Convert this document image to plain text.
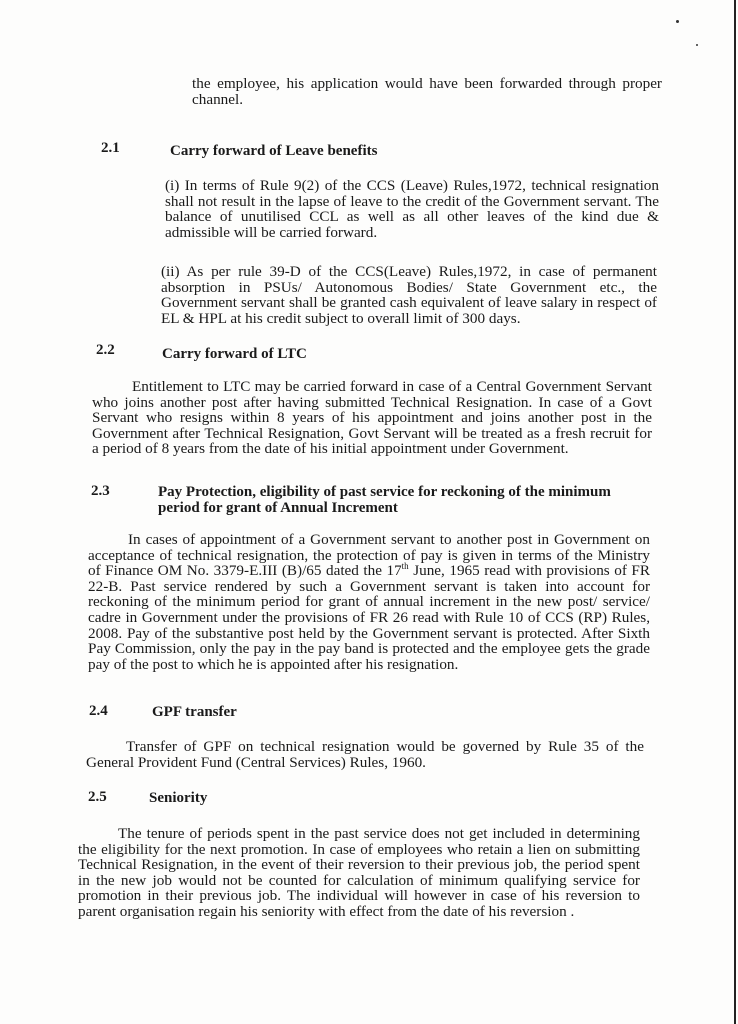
the employee, his application would have been forwarded through proper channel.
2.1	Carry forward of Leave benefits
(i) In terms of Rule 9(2) of the CCS (Leave) Rules,1972, technical resignation shall not result in the lapse of leave to the credit of the Government servant. The balance of unutilised CCL as well as all other leaves of the kind due & admissible will be carried forward.
(ii) As per rule 39-D of the CCS(Leave) Rules,1972, in case of permanent absorption in PSUs/ Autonomous Bodies/ State Government etc., the Government servant shall be granted cash equivalent of leave salary in respect of EL & HPL at his credit subject to overall limit of 300 days.
2.2	Carry forward of LTC
Entitlement to LTC may be carried forward in case of a Central Government Servant who joins another post after having submitted Technical Resignation. In case of a Govt Servant who resigns within 8 years of his appointment and joins another post in the Government after Technical Resignation, Govt Servant will be treated as a fresh recruit for a period of 8 years from the date of his initial appointment under Government.
2.3	Pay Protection, eligibility of past service for reckoning of the minimum period for grant of Annual Increment
In cases of appointment of a Government servant to another post in Government on acceptance of technical resignation, the protection of pay is given in terms of the Ministry of Finance OM No. 3379-E.III (B)/65 dated the 17th June, 1965 read with provisions of FR 22-B. Past service rendered by such a Government servant is taken into account for reckoning of the minimum period for grant of annual increment in the new post/ service/ cadre in Government under the provisions of FR 26 read with Rule 10 of CCS (RP) Rules, 2008. Pay of the substantive post held by the Government servant is protected. After Sixth Pay Commission, only the pay in the pay band is protected and the employee gets the grade pay of the post to which he is appointed after his resignation.
2.4	GPF transfer
Transfer of GPF on technical resignation would be governed by Rule 35 of the General Provident Fund (Central Services) Rules, 1960.
2.5	Seniority
The tenure of periods spent in the past service does not get included in determining the eligibility for the next promotion. In case of employees who retain a lien on submitting Technical Resignation, in the event of their reversion to their previous job, the period spent in the new job would not be counted for calculation of minimum qualifying service for promotion in their previous job. The individual will however in case of his reversion to parent organisation regain his seniority with effect from the date of his reversion .
